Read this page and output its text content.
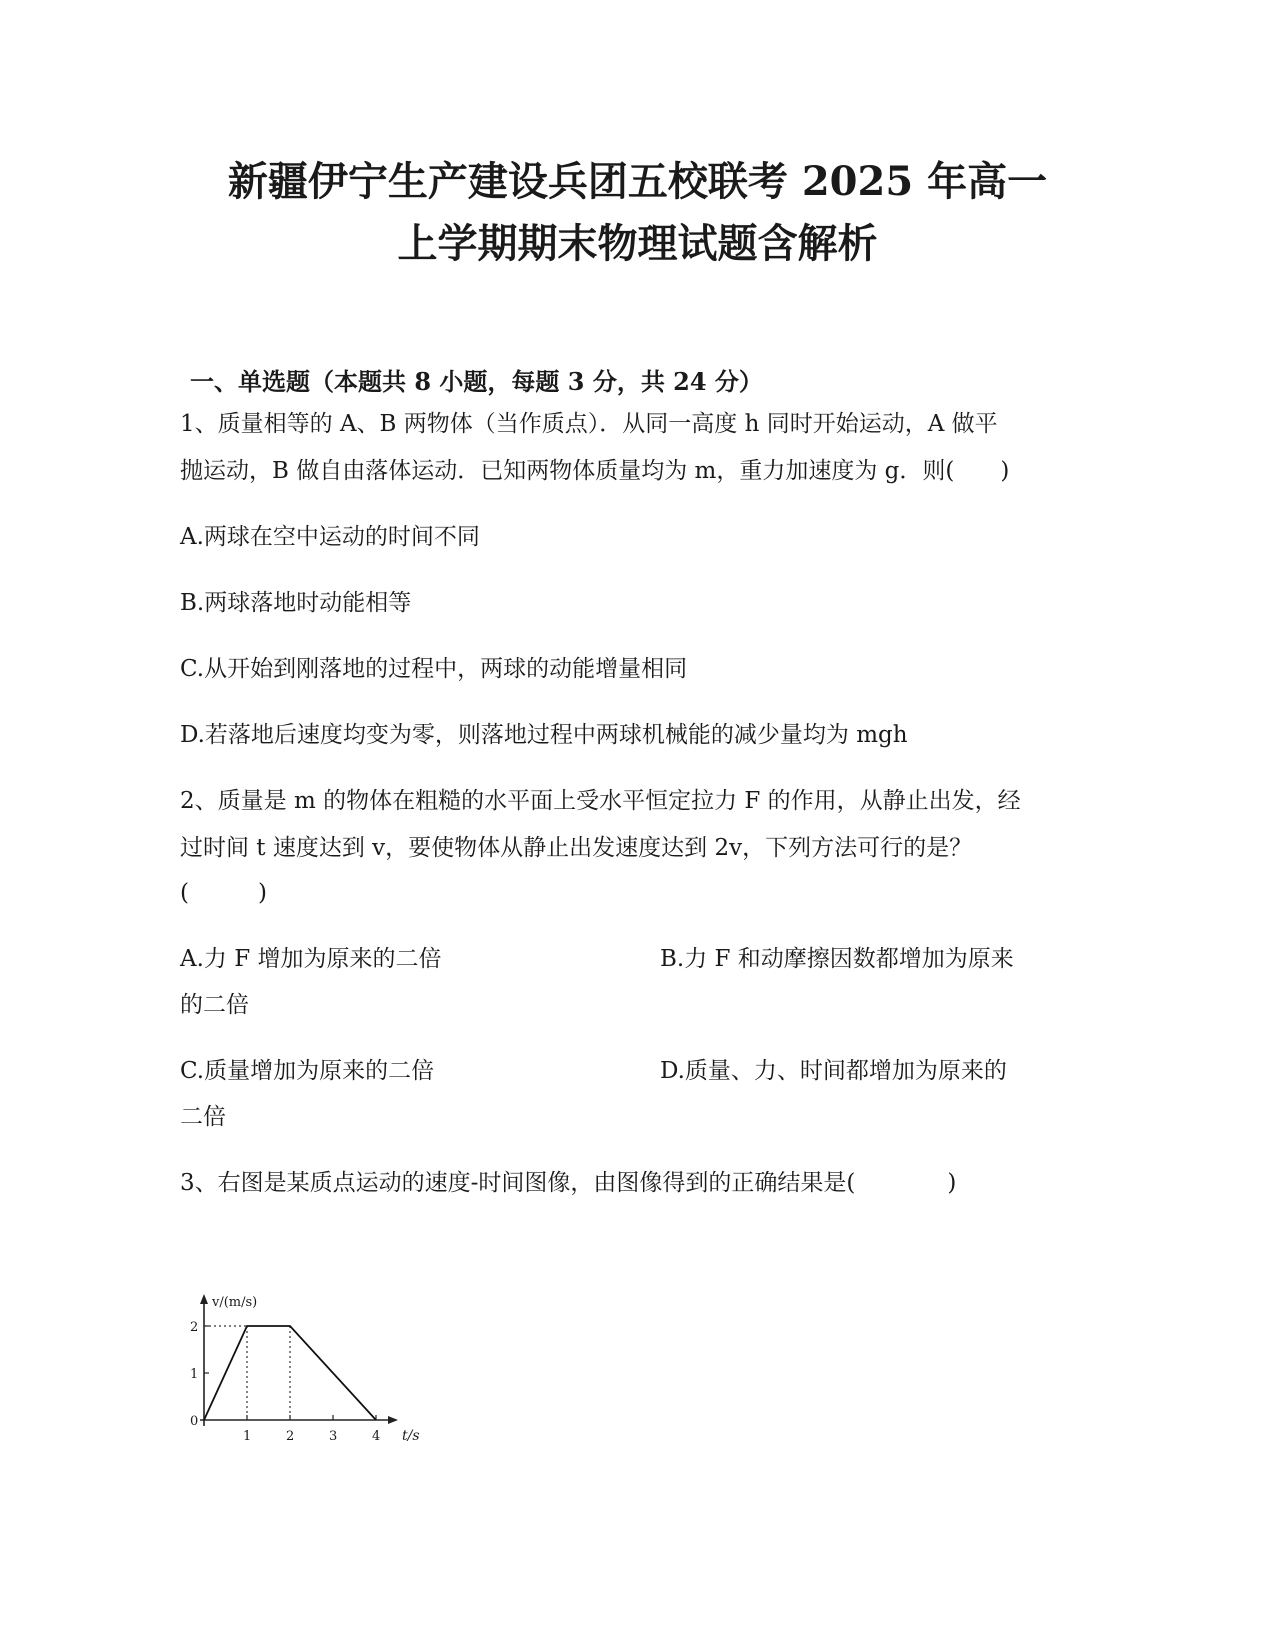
新疆伊宁生产建设兵团五校联考 2025 年高一
上学期期末物理试题含解析
一、单选题（本题共 8 小题，每题 3 分，共 24 分）
1、质量相等的 A、B 两物体（当作质点）．从同一高度 h 同时开始运动，A 做平
抛运动，B 做自由落体运动．已知两物体质量均为 m，重力加速度为 g．则(　　)
A.两球在空中运动的时间不同
B.两球落地时动能相等
C.从开始到刚落地的过程中，两球的动能增量相同
D.若落地后速度均变为零，则落地过程中两球机械能的减少量均为 mgh
2、质量是 m 的物体在粗糙的水平面上受水平恒定拉力 F 的作用，从静止出发，经
过时间 t 速度达到 v，要使物体从静止出发速度达到 2v，下列方法可行的是？
(　　　)
A.力 F 增加为原来的二倍	B.力 F 和动摩擦因数都增加为原来
的二倍
C.质量增加为原来的二倍	D.质量、力、时间都增加为原来的
二倍
3、右图是某质点运动的速度-时间图像，由图像得到的正确结果是(　　　　)
0
1
2
1	2	3	4
v/(m/s)
t/s
